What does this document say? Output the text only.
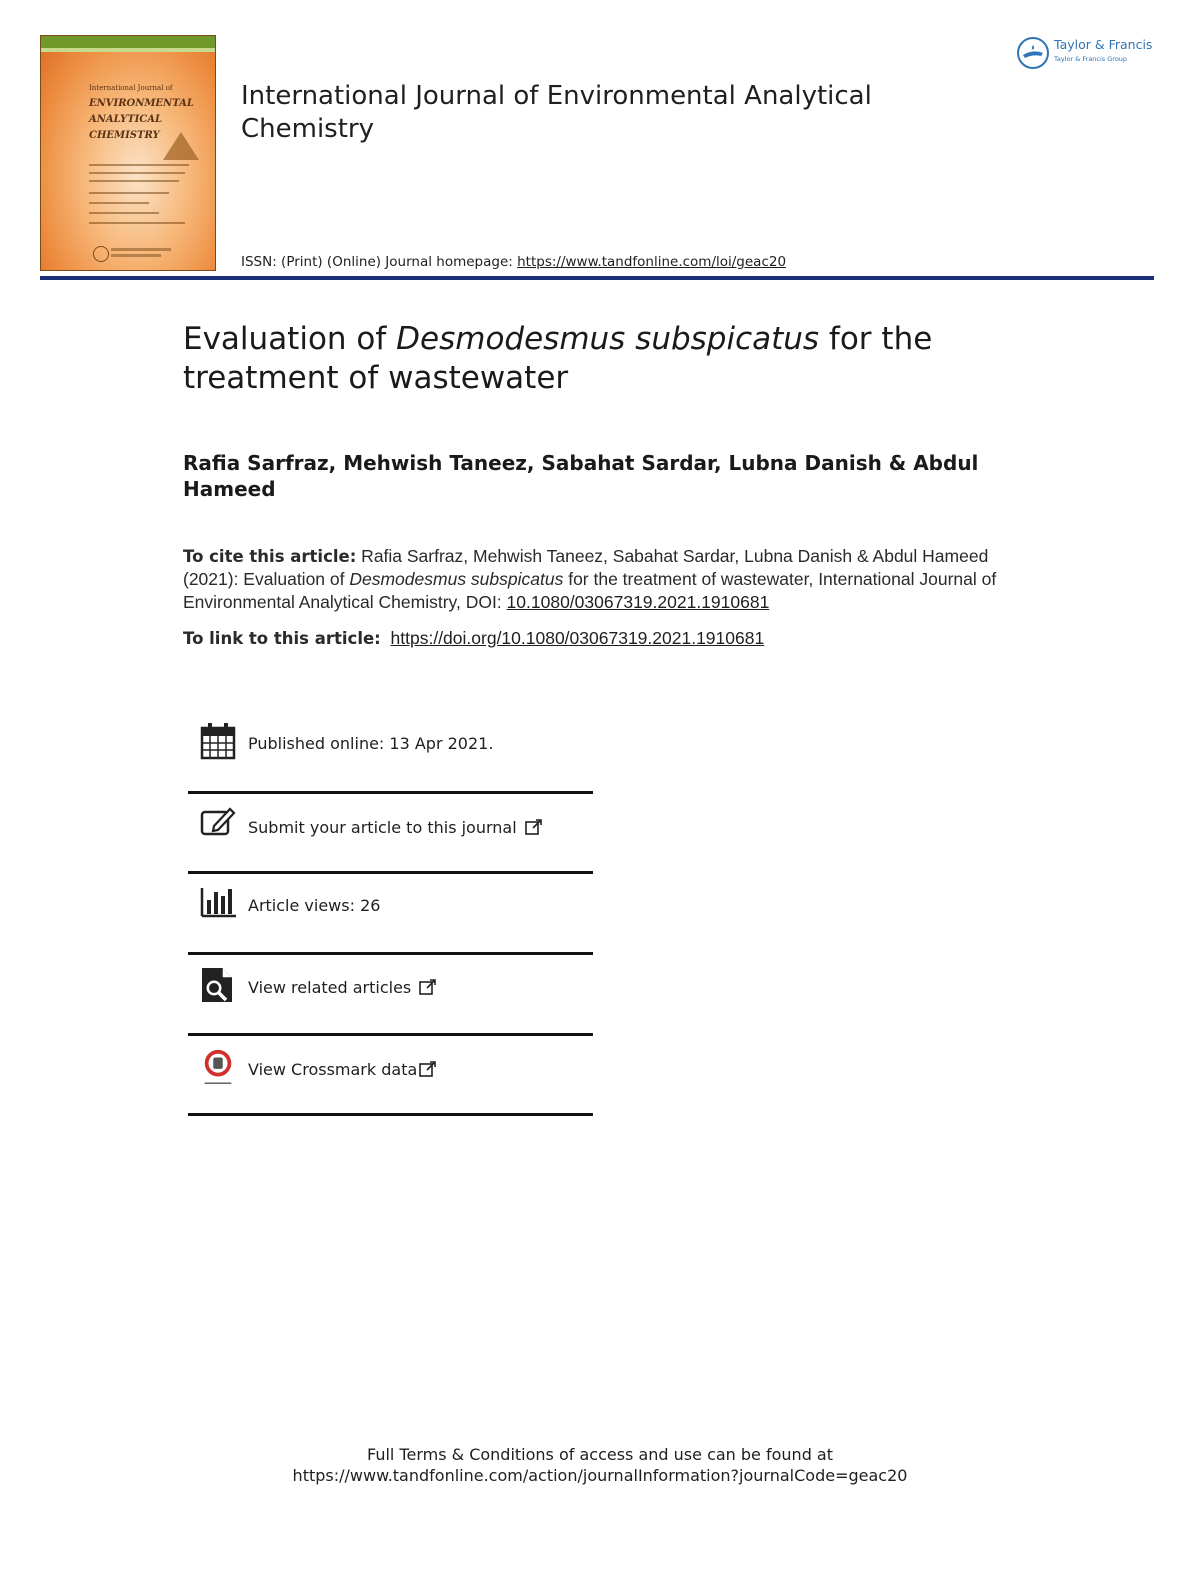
International Journal of
ENVIRONMENTAL
ANALYTICAL
CHEMISTRY
International Journal of Environmental Analytical Chemistry
ISSN: (Print) (Online) Journal homepage: https://www.tandfonline.com/loi/geac20
Taylor & Francis
Taylor & Francis Group
Evaluation of Desmodesmus subspicatus for the treatment of wastewater
Rafia Sarfraz, Mehwish Taneez, Sabahat Sardar, Lubna Danish & Abdul Hameed
To cite this article: Rafia Sarfraz, Mehwish Taneez, Sabahat Sardar, Lubna Danish & Abdul Hameed (2021): Evaluation of Desmodesmus subspicatus for the treatment of wastewater, International Journal of Environmental Analytical Chemistry, DOI: 10.1080/03067319.2021.1910681
To link to this article: https://doi.org/10.1080/03067319.2021.1910681
Published online: 13 Apr 2021.
Submit your article to this journal
Article views: 26
View related articles
View Crossmark data
Full Terms & Conditions of access and use can be found at
https://www.tandfonline.com/action/journalInformation?journalCode=geac20
